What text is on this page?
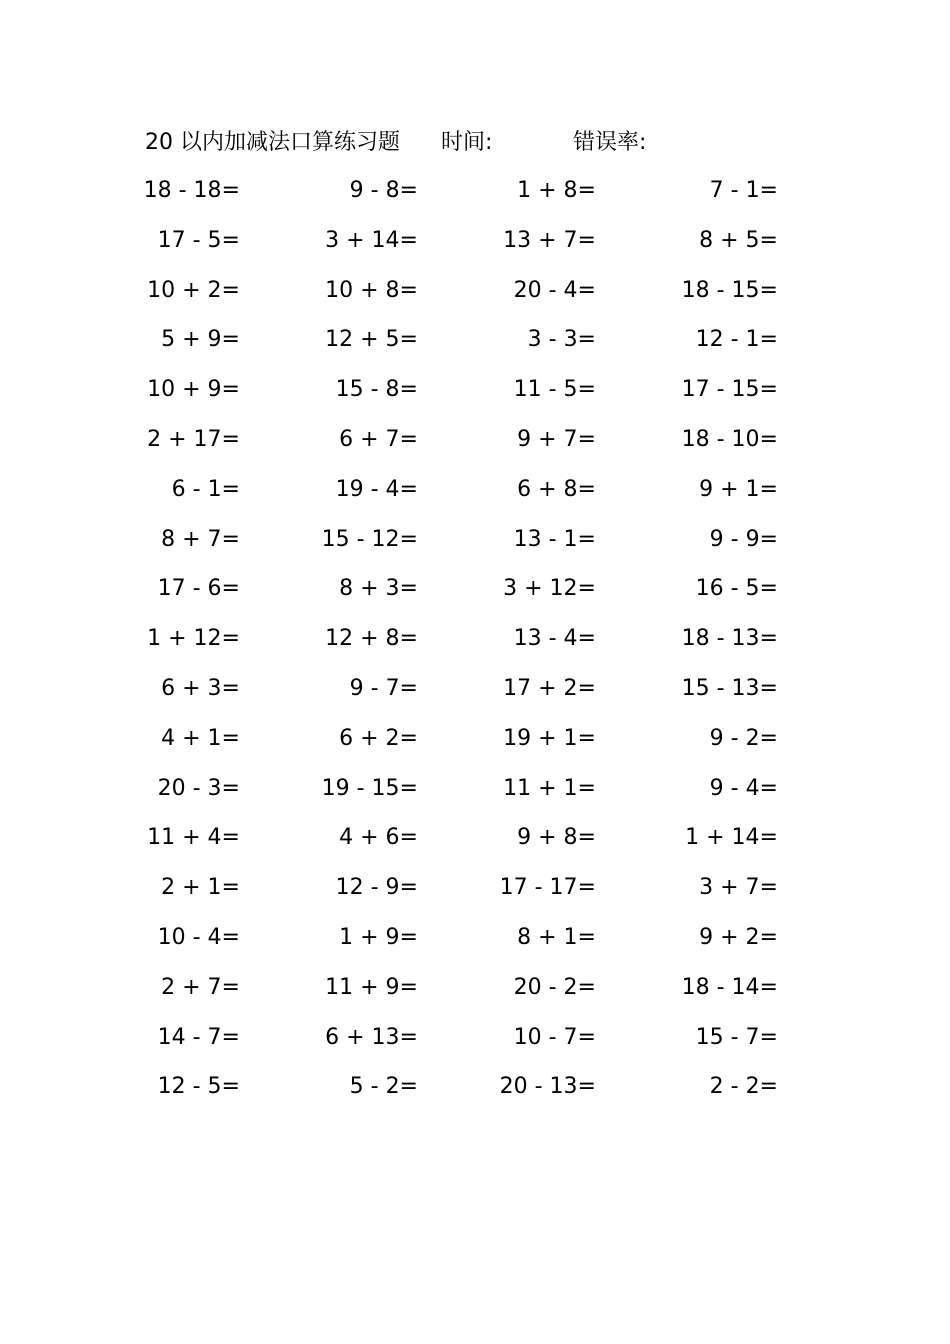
20 以内加减法口算练习题 时间:	错误率:
18 - 18=	9 - 8=	1 + 8=	7 - 1=
17 - 5=	3 + 14=	13 + 7=	8 + 5=
10 + 2=	10 + 8=	20 - 4=	18 - 15=
5 + 9=	12 + 5=	3 - 3=	12 - 1=
10 + 9=	15 - 8=	11 - 5=	17 - 15=
2 + 17=	6 + 7=	9 + 7=	18 - 10=
6 - 1=	19 - 4=	6 + 8=	9 + 1=
8 + 7=	15 - 12=	13 - 1=	9 - 9=
17 - 6=	8 + 3=	3 + 12=	16 - 5=
1 + 12=	12 + 8=	13 - 4=	18 - 13=
6 + 3=	9 - 7=	17 + 2=	15 - 13=
4 + 1=	6 + 2=	19 + 1=	9 - 2=
20 - 3=	19 - 15=	11 + 1=	9 - 4=
11 + 4=	4 + 6=	9 + 8=	1 + 14=
2 + 1=	12 - 9=	17 - 17=	3 + 7=
10 - 4=	1 + 9=	8 + 1=	9 + 2=
2 + 7=	11 + 9=	20 - 2=	18 - 14=
14 - 7=	6 + 13=	10 - 7=	15 - 7=
12 - 5=	5 - 2=	20 - 13=	2 - 2=
